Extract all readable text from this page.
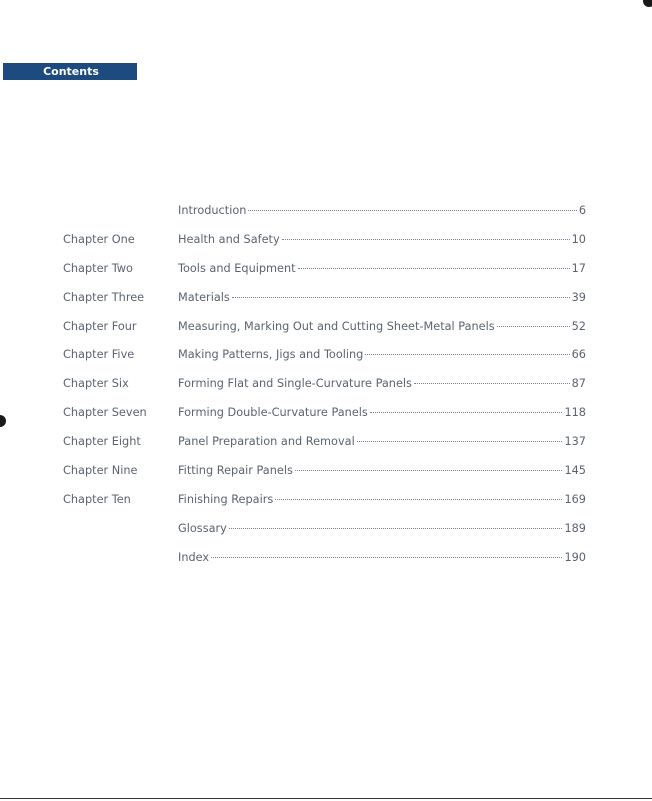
Contents
Introduction	6
Chapter One	Health and Safety	10
Chapter Two	Tools and Equipment	17
Chapter Three	Materials	39
Chapter Four	Measuring, Marking Out and Cutting Sheet-Metal Panels	52
Chapter Five	Making Patterns, Jigs and Tooling	66
Chapter Six	Forming Flat and Single-Curvature Panels	87
Chapter Seven	Forming Double-Curvature Panels	118
Chapter Eight	Panel Preparation and Removal	137
Chapter Nine	Fitting Repair Panels	145
Chapter Ten	Finishing Repairs	169
Glossary	189
Index	190
